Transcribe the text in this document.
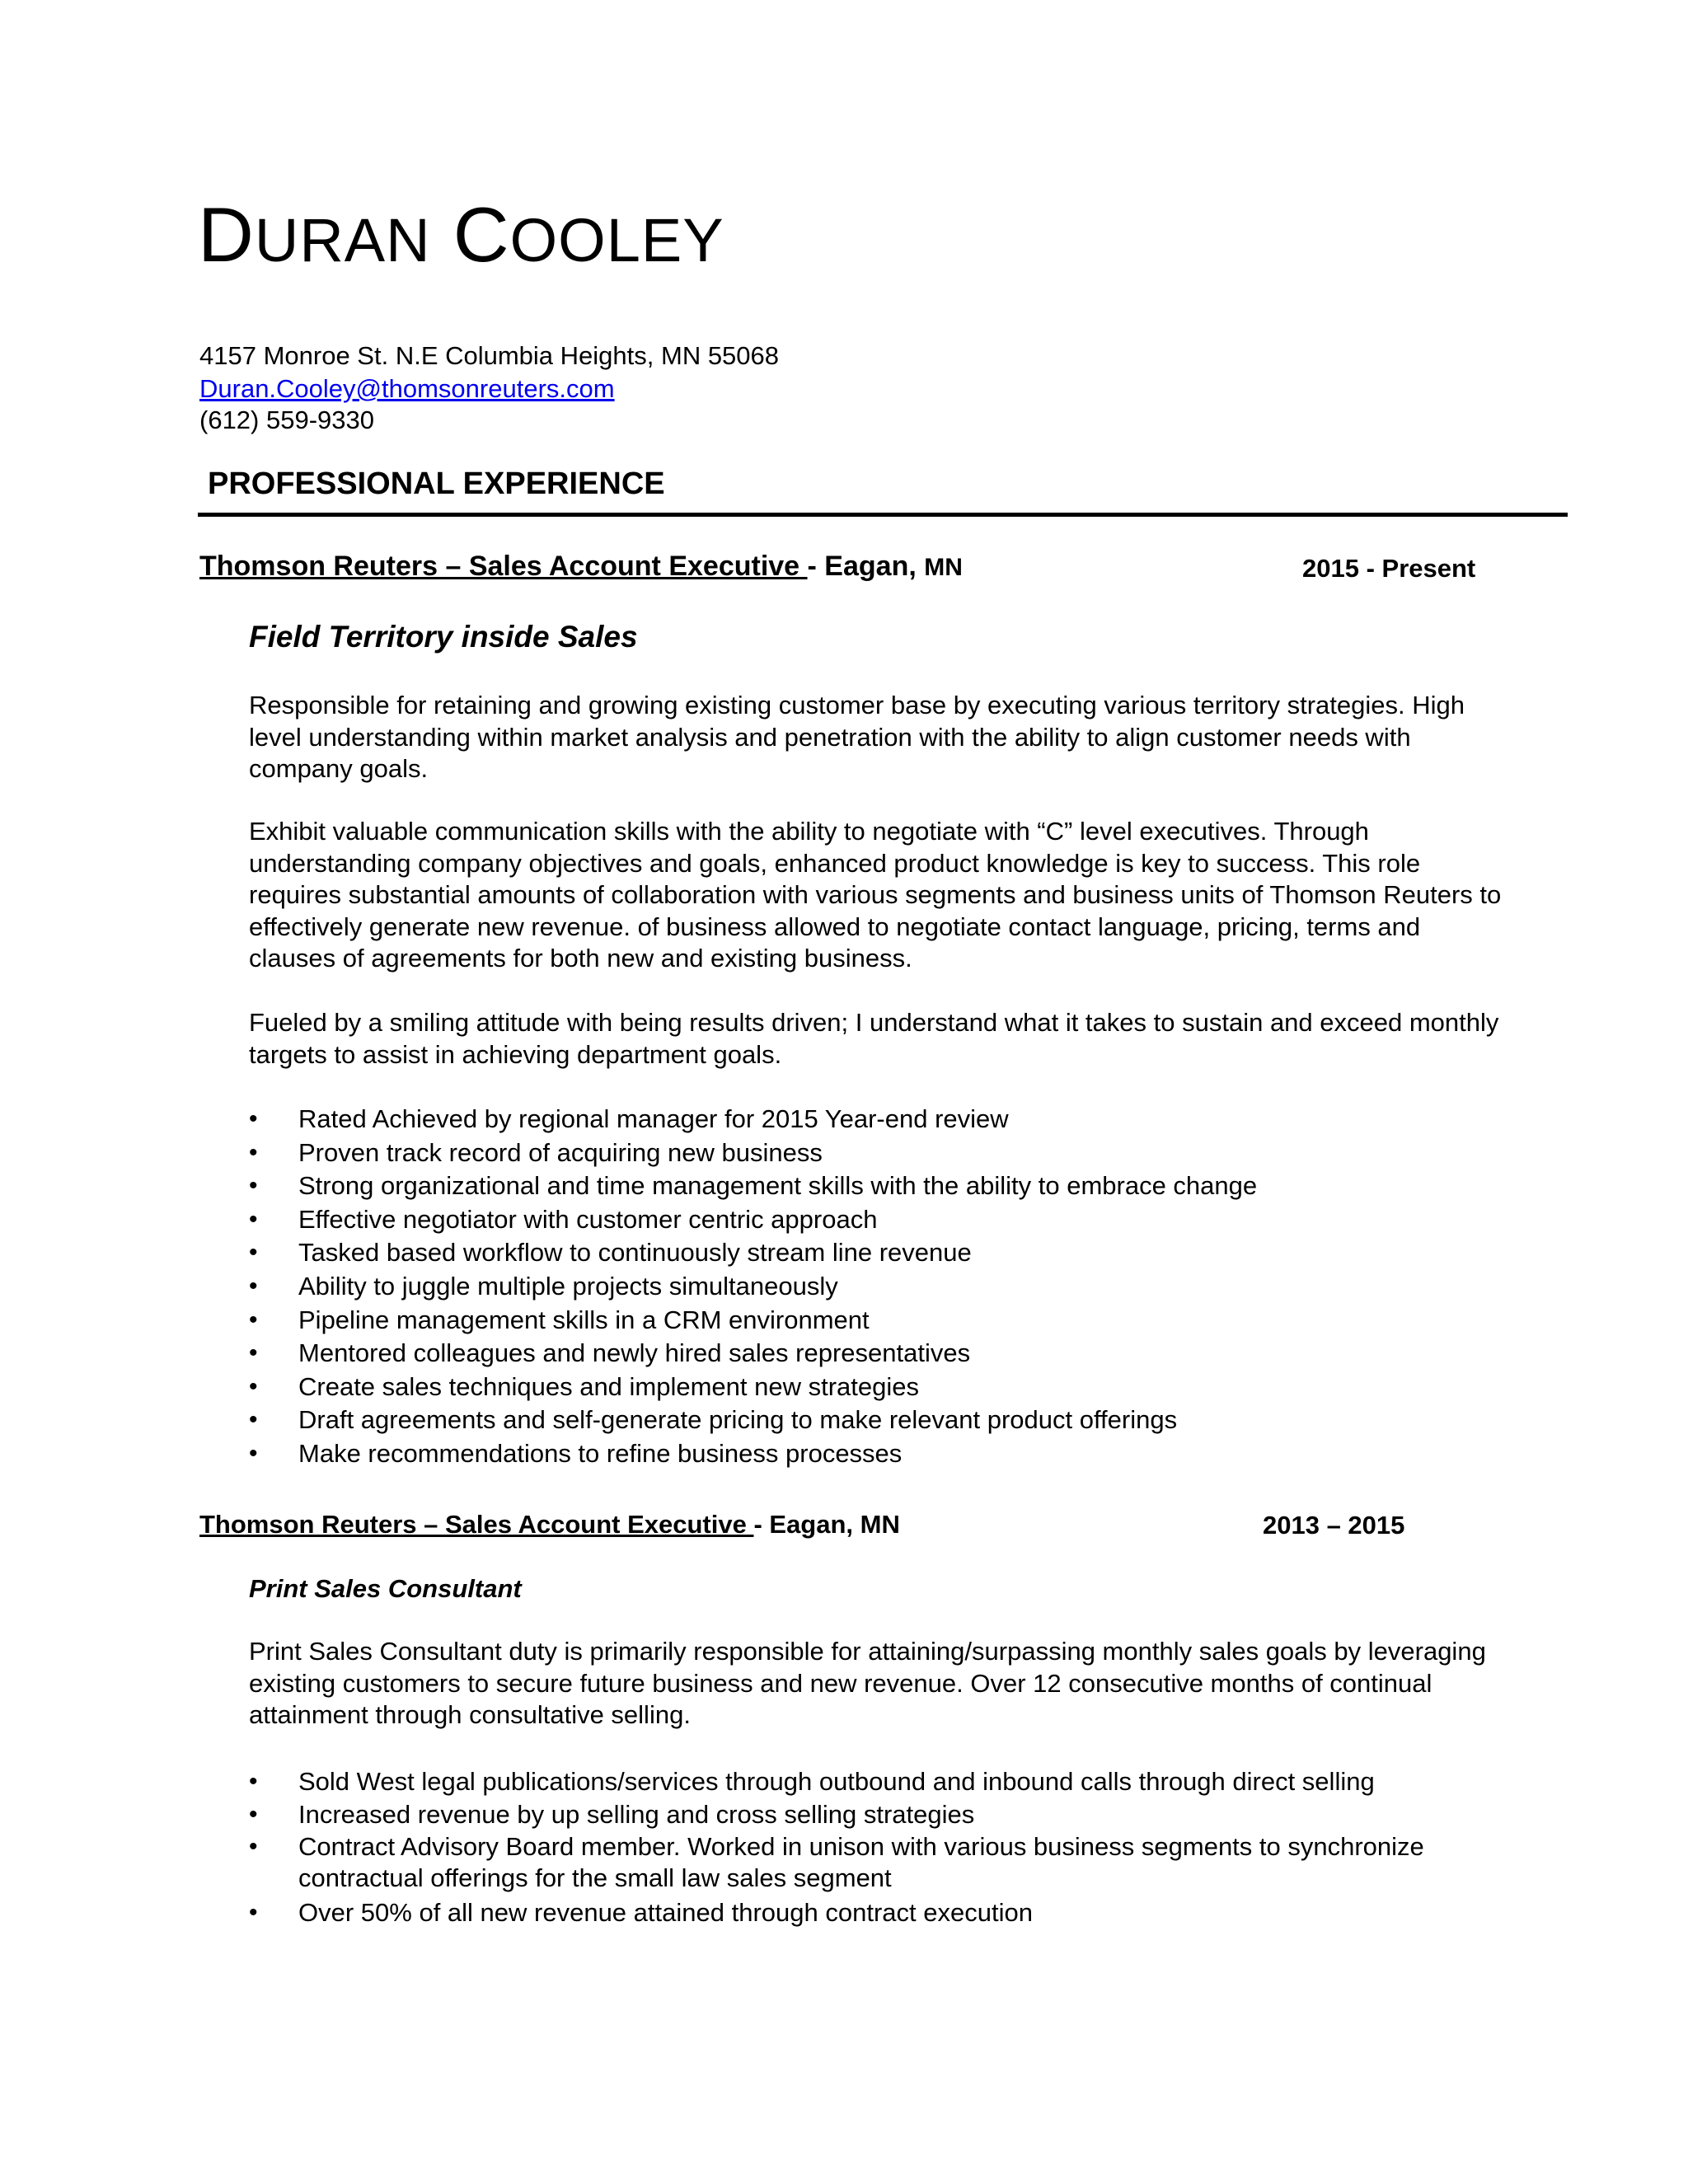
DURAN COOLEY
4157 Monroe St. N.E Columbia Heights, MN 55068
Duran.Cooley@thomsonreuters.com
(612) 559-9330
PROFESSIONAL EXPERIENCE
Thomson Reuters – Sales Account Executive - Eagan, MN	2015 - Present
Field Territory inside Sales
Responsible for retaining and growing existing customer base by executing various territory strategies. High level understanding within market analysis and penetration with the ability to align customer needs with company goals.
Exhibit valuable communication skills with the ability to negotiate with “C” level executives. Through understanding company objectives and goals, enhanced product knowledge is key to success. This role requires substantial amounts of collaboration with various segments and business units of Thomson Reuters to effectively generate new revenue. of business allowed to negotiate contact language, pricing, terms and clauses of agreements for both new and existing business.
Fueled by a smiling attitude with being results driven; I understand what it takes to sustain and exceed monthly targets to assist in achieving department goals.
• Rated Achieved by regional manager for 2015 Year-end review
• Proven track record of acquiring new business
• Strong organizational and time management skills with the ability to embrace change
• Effective negotiator with customer centric approach
• Tasked based workflow to continuously stream line revenue
• Ability to juggle multiple projects simultaneously
• Pipeline management skills in a CRM environment
• Mentored colleagues and newly hired sales representatives
• Create sales techniques and implement new strategies
• Draft agreements and self-generate pricing to make relevant product offerings
• Make recommendations to refine business processes
Thomson Reuters – Sales Account Executive - Eagan, MN	2013 – 2015
Print Sales Consultant
Print Sales Consultant duty is primarily responsible for attaining/surpassing monthly sales goals by leveraging existing customers to secure future business and new revenue. Over 12 consecutive months of continual attainment through consultative selling.
• Sold West legal publications/services through outbound and inbound calls through direct selling
• Increased revenue by up selling and cross selling strategies
• Contract Advisory Board member. Worked in unison with various business segments to synchronize contractual offerings for the small law sales segment
• Over 50% of all new revenue attained through contract execution
